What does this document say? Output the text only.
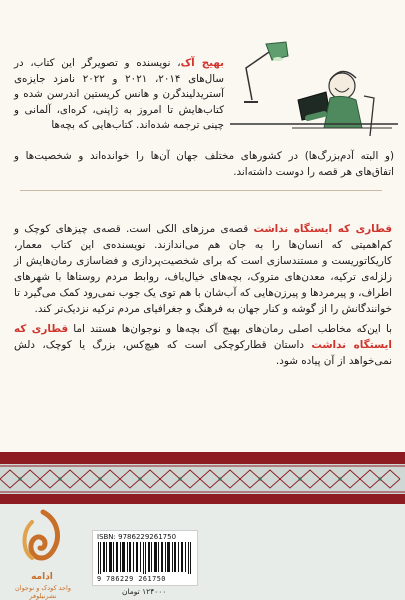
بهیج آک، نویسنده و تصویرگر این کتاب، در سال‌های ۲۰۱۴، ۲۰۲۱ و ۲۰۲۲ نامزد جایزه‌ی آستریدلیندگرن و هانس کریستین اندرسن شده و کتاب‌هایش تا امروز به ژاپنی، کره‌ای، آلمانی و چینی ترجمه شده‌اند. کتاب‌هایی که بچه‌ها
(و البته آدم‌بزرگ‌ها) در کشورهای مختلف جهان آن‌ها را خوانده‌اند و شخصیت‌ها و اتفاق‌های هر قصه را دوست داشته‌اند.

قطاری که ایستگاه نداشت قصه‌ی مرزهای الکی است. قصه‌ی چیزهای کوچک و کم‌اهمیتی که انسان‌ها را به جان هم می‌اندازند. نویسنده‌ی این کتاب معمار، کاریکاتوریست و مستندسازی است که برای شخصیت‌پردازی و فضاسازی رمان‌هایش از زلزله‌ی ترکیه، معدن‌های متروک، بچه‌های خیال‌باف، روابط مردم روستاها با شهرهای اطراف، و پیرمردها و پیرزن‌هایی که آب‌شان با هم توی یک جوب نمی‌رود کمک می‌گیرد تا خوانندگانش را از گوشه و کنار جهان به فرهنگ و جغرافیای مردم ترکیه نزدیک‌تر کند.

با این‌که مخاطب اصلی رمان‌های بهیج آک بچه‌ها و نوجوان‌ها هستند اما قطاری که ایستگاه نداشت داستان قطارکوچکی است که هیچ‌کس، بزرگ یا کوچک، دلش نمی‌خواهد از آن پیاده شود.

ادامه
واحد کودک و نوجوان نشرنیلوفر
ISBN: 9786229261750
9 786229 261750
۱۲۴۰۰۰ تومان
